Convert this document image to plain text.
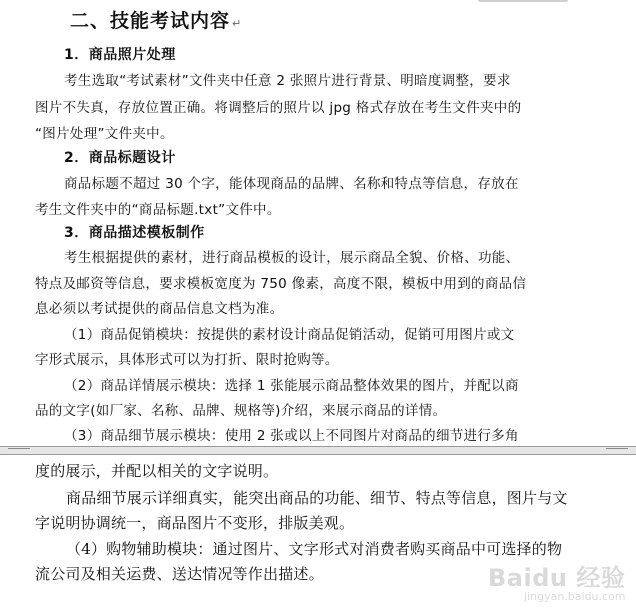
二、技能考试内容 ↵
1．商品照片处理
考生选取“考试素材”文件夹中任意 2 张照片进行背景、明暗度调整，要求
图片不失真，存放位置正确。将调整后的照片以 jpg 格式存放在考生文件夹中的
“图片处理”文件夹中。
2．商品标题设计
商品标题不超过 30 个字，能体现商品的品牌、名称和特点等信息，存放在
考生文件夹中的“商品标题.txt”文件中。
3．商品描述模板制作
考生根据提供的素材，进行商品模板的设计，展示商品全貌、价格、功能、
特点及邮资等信息，要求模板宽度为 750 像素，高度不限，模板中用到的商品信
息必须以考试提供的商品信息文档为准。
（1）商品促销模块：按提供的素材设计商品促销活动，促销可用图片或文
字形式展示，具体形式可以为打折、限时抢购等。
（2）商品详情展示模块：选择 1 张能展示商品整体效果的图片，并配以商
品的文字(如厂家、名称、品牌、规格等)介绍，来展示商品的详情。
（3）商品细节展示模块：使用 2 张或以上不同图片对商品的细节进行多角
度的展示，并配以相关的文字说明。
商品细节展示详细真实，能突出商品的功能、细节、特点等信息，图片与文
字说明协调统一，商品图片不变形，排版美观。
（4）购物辅助模块：通过图片、文字形式对消费者购买商品中可选择的物
流公司及相关运费、送达情况等作出描述。	Baidu 经验
jingyan.baidu.com
